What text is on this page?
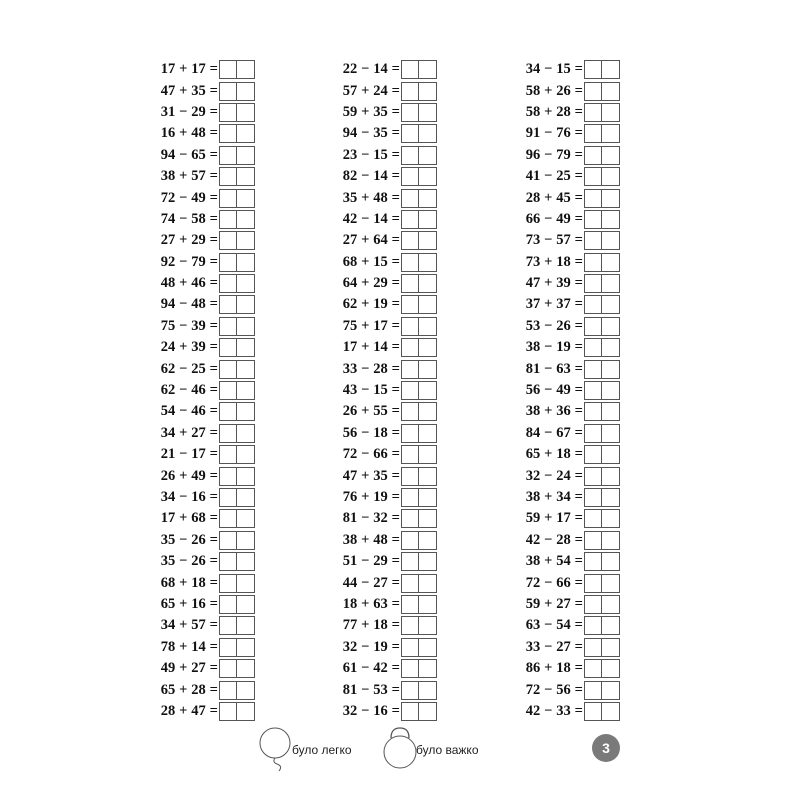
17 + 17 =
47 + 35 =
31 − 29 =
16 + 48 =
94 − 65 =
38 + 57 =
72 − 49 =
74 − 58 =
27 + 29 =
92 − 79 =
48 + 46 =
94 − 48 =
75 − 39 =
24 + 39 =
62 − 25 =
62 − 46 =
54 − 46 =
34 + 27 =
21 − 17 =
26 + 49 =
34 − 16 =
17 + 68 =
35 − 26 =
35 − 26 =
68 + 18 =
65 + 16 =
34 + 57 =
78 + 14 =
49 + 27 =
65 + 28 =
28 + 47 =
22 − 14 =
57 + 24 =
59 + 35 =
94 − 35 =
23 − 15 =
82 − 14 =
35 + 48 =
42 − 14 =
27 + 64 =
68 + 15 =
64 + 29 =
62 + 19 =
75 + 17 =
17 + 14 =
33 − 28 =
43 − 15 =
26 + 55 =
56 − 18 =
72 − 66 =
47 + 35 =
76 + 19 =
81 − 32 =
38 + 48 =
51 − 29 =
44 − 27 =
18 + 63 =
77 + 18 =
32 − 19 =
61 − 42 =
81 − 53 =
32 − 16 =
34 − 15 =
58 + 26 =
58 + 28 =
91 − 76 =
96 − 79 =
41 − 25 =
28 + 45 =
66 − 49 =
73 − 57 =
73 + 18 =
47 + 39 =
37 + 37 =
53 − 26 =
38 − 19 =
81 − 63 =
56 − 49 =
38 + 36 =
84 − 67 =
65 + 18 =
32 − 24 =
38 + 34 =
59 + 17 =
42 − 28 =
38 + 54 =
72 − 66 =
59 + 27 =
63 − 54 =
33 − 27 =
86 + 18 =
72 − 56 =
42 − 33 =
було легко	було важко	3
